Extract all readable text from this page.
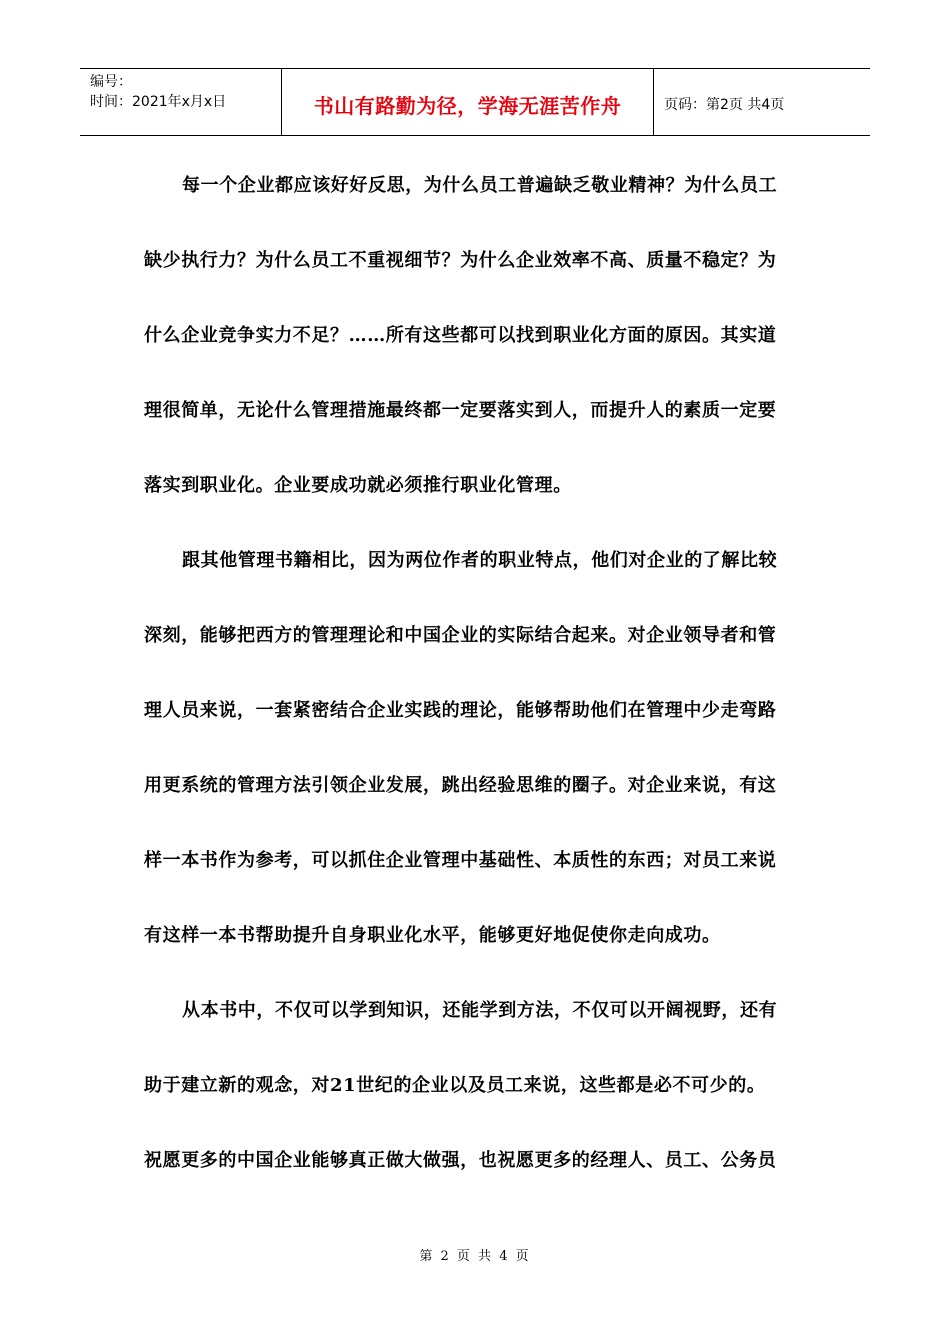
编号：
时间：2021年x月x日	书山有路勤为径，学海无涯苦作舟	页码：第2页 共4页

每一个企业都应该好好反思，为什么员工普遍缺乏敬业精神？为什么员工
缺少执行力？为什么员工不重视细节？为什么企业效率不高、质量不稳定？为
什么企业竞争实力不足？……所有这些都可以找到职业化方面的原因。其实道
理很简单，无论什么管理措施最终都一定要落实到人，而提升人的素质一定要
落实到职业化。企业要成功就必须推行职业化管理。

跟其他管理书籍相比，因为两位作者的职业特点，他们对企业的了解比较
深刻，能够把西方的管理理论和中国企业的实际结合起来。对企业领导者和管
理人员来说，一套紧密结合企业实践的理论，能够帮助他们在管理中少走弯路
用更系统的管理方法引领企业发展，跳出经验思维的圈子。对企业来说，有这
样一本书作为参考，可以抓住企业管理中基础性、本质性的东西；对员工来说
有这样一本书帮助提升自身职业化水平，能够更好地促使你走向成功。

从本书中，不仅可以学到知识，还能学到方法，不仅可以开阔视野，还有
助于建立新的观念，对21世纪的企业以及员工来说，这些都是必不可少的。
祝愿更多的中国企业能够真正做大做强，也祝愿更多的经理人、员工、公务员

第 2 页 共 4 页
